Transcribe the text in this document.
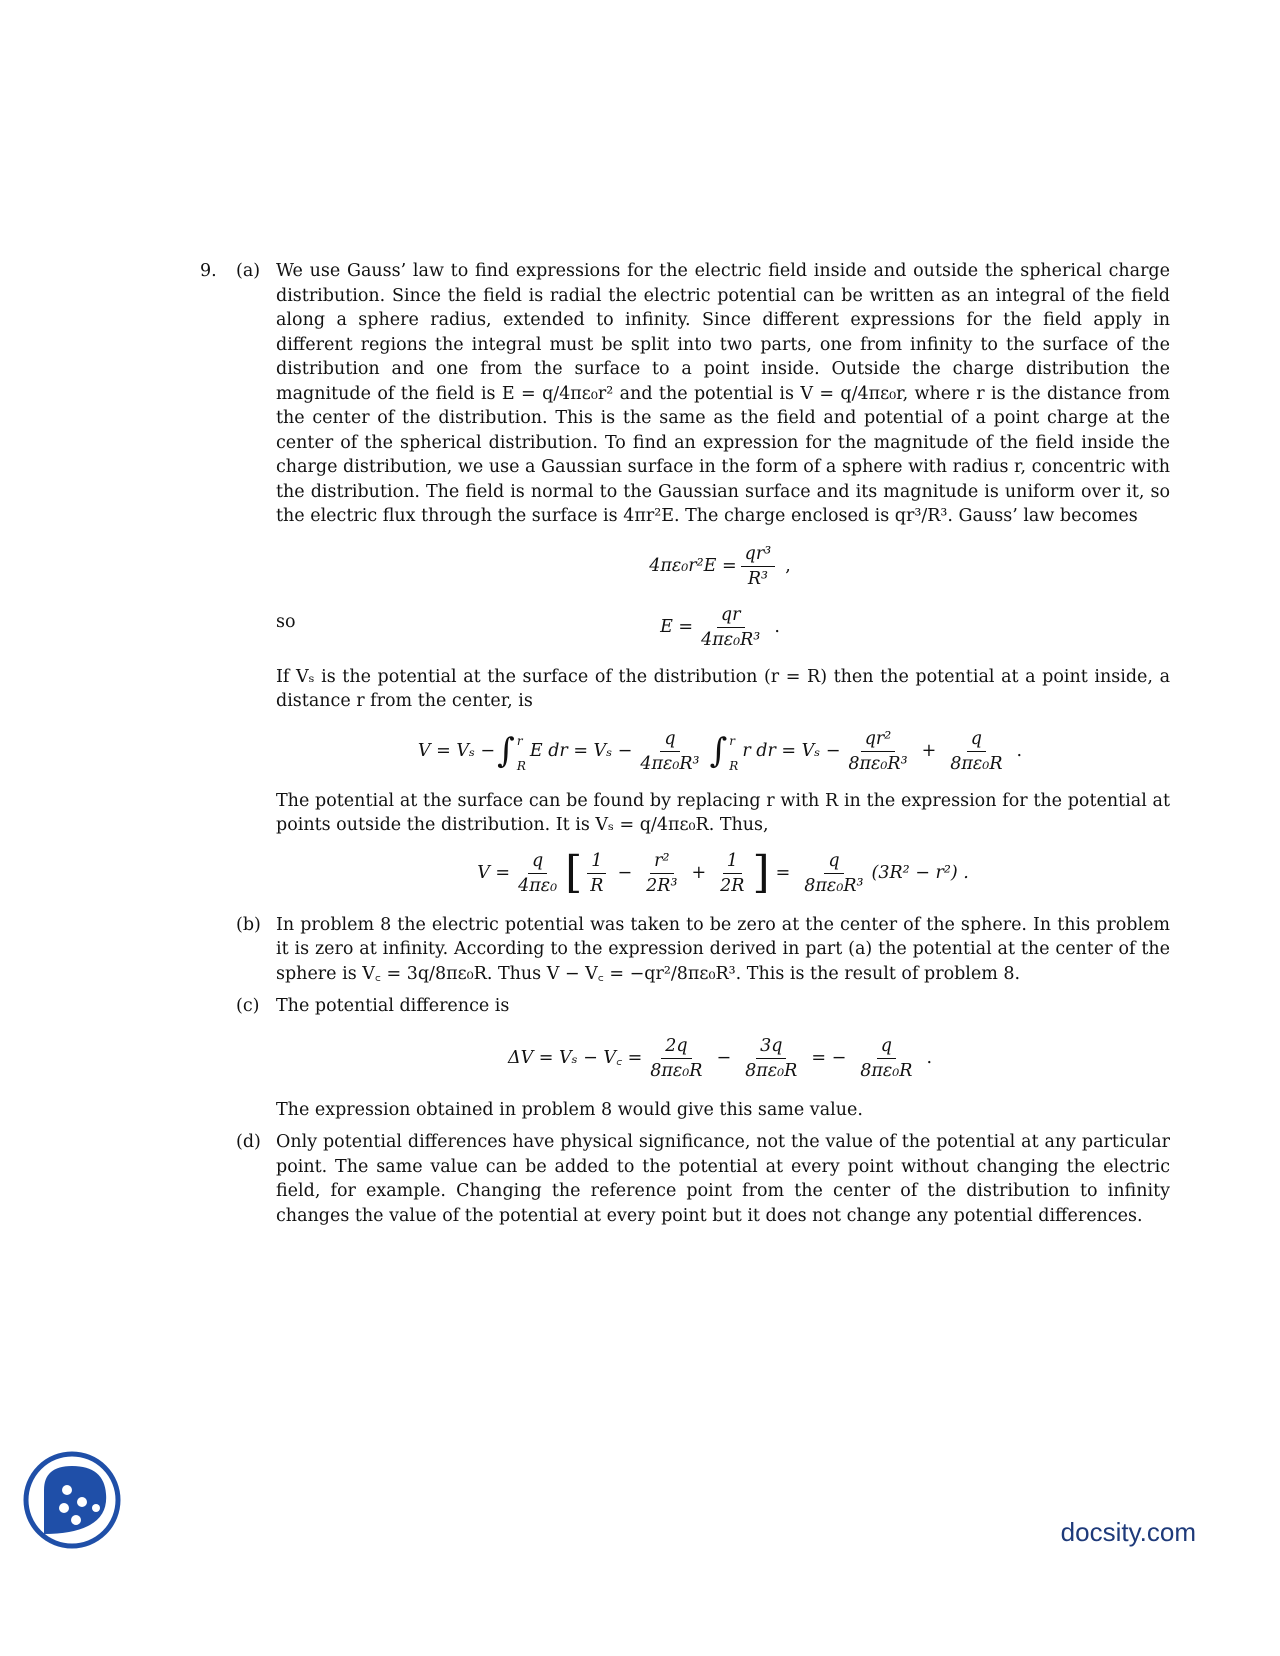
9. (a) We use Gauss’ law to find expressions for the electric field inside and outside the spherical charge distribution. Since the field is radial the electric potential can be written as an integral of the field along a sphere radius, extended to infinity. Since different expressions for the field apply in different regions the integral must be split into two parts, one from infinity to the surface of the distribution and one from the surface to a point inside. Outside the charge distribution the magnitude of the field is E = q/4πε₀r² and the potential is V = q/4πε₀r, where r is the distance from the center of the distribution. This is the same as the field and potential of a point charge at the center of the spherical distribution. To find an expression for the magnitude of the field inside the charge distribution, we use a Gaussian surface in the form of a sphere with radius r, concentric with the distribution. The field is normal to the Gaussian surface and its magnitude is uniform over it, so the electric flux through the surface is 4πr²E. The charge enclosed is qr³/R³. Gauss’ law becomes
$4\pi\varepsilon_0r^2E = \frac{\text{qr³}}{\text{R³}}$ ,
so	$E = \frac{qr}{\text{4πε₀R³}}$ .
If Vₛ is the potential at the surface of the distribution (r = R) then the potential at a point inside, a distance r from the center, is
V = Vₛ − ∫ r
R
E dr = $V_s - \frac{q}{\text{4πε₀R³}}$ ∫ r
R
r dr = $V_s - \frac{\text{qr²}}{\text{8πε₀R³}} + \frac{q}{\text{8πε₀R}}$ .
The potential at the surface can be found by replacing r with R in the expression for the potential at points outside the distribution. It is Vₛ = q/4πε₀R. Thus,
$V = \frac{q}{\text{4πε₀}}$ [ $\frac{1}{R} - \frac{\text{r²}}{\text{2R³}} + \frac{1}{2R}$ ] = $\frac{q}{\text{8πε₀R³}} (3R^2 - r^2)$ .
(b) In problem 8 the electric potential was taken to be zero at the center of the sphere. In this problem it is zero at infinity. According to the expression derived in part (a) the potential at the center of the sphere is V꜀ = 3q/8πε₀R. Thus V − V꜀ = −qr²/8πε₀R³. This is the result of problem 8.
(c) The potential difference is
ΔV = Vₛ − V꜀ = $\frac{2q}{\text{8πε₀R}} - \frac{3q}{\text{8πε₀R}}$ = − $\frac{q}{\text{8πε₀R}}$ .
The expression obtained in problem 8 would give this same value.
(d) Only potential differences have physical significance, not the value of the potential at any particular point. The same value can be added to the potential at every point without changing the electric field, for example. Changing the reference point from the center of the distribution to infinity changes the value of the potential at every point but it does not change any potential differences.
docsity.com
